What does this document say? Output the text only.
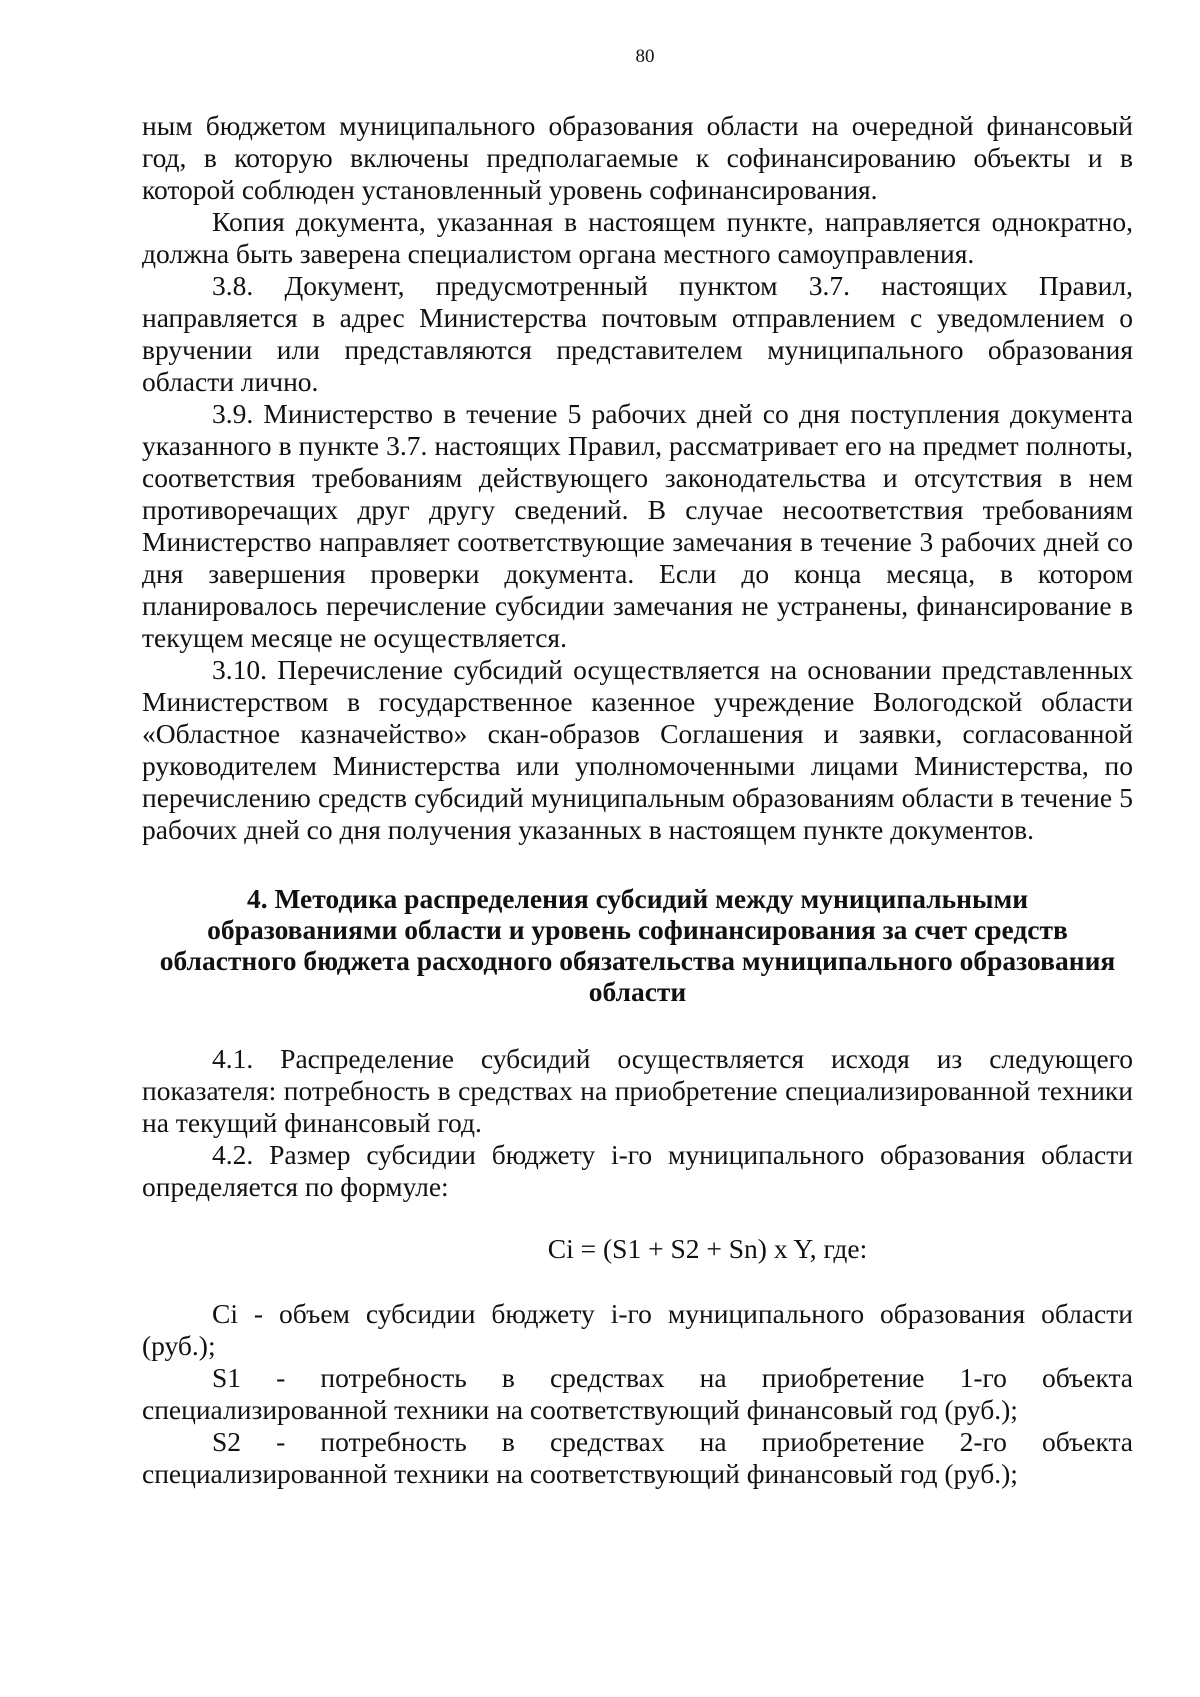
80

ным бюджетом муниципального образования области на очередной финансовый год, в которую включены предполагаемые к софинансированию объекты и в которой соблюден установленный уровень софинансирования.

Копия документа, указанная в настоящем пункте, направляется однократно, должна быть заверена специалистом органа местного самоуправления.

3.8. Документ, предусмотренный пунктом 3.7. настоящих Правил, направляется в адрес Министерства почтовым отправлением с уведомлением о вручении или представляются представителем муниципального образования области лично.

3.9. Министерство в течение 5 рабочих дней со дня поступления документа указанного в пункте 3.7. настоящих Правил, рассматривает его на предмет полноты, соответствия требованиям действующего законодательства и отсутствия в нем противоречащих друг другу сведений. В случае несоответствия требованиям Министерство направляет соответствующие замечания в течение 3 рабочих дней со дня завершения проверки документа. Если до конца месяца, в котором планировалось перечисление субсидии замечания не устранены, финансирование в текущем месяце не осуществляется.

3.10. Перечисление субсидий осуществляется на основании представленных Министерством в государственное казенное учреждение Вологодской области «Областное казначейство» скан-образов Соглашения и заявки, согласованной руководителем Министерства или уполномоченными лицами Министерства, по перечислению средств субсидий муниципальным образованиям области в течение 5 рабочих дней со дня получения указанных в настоящем пункте документов.

4. Методика распределения субсидий между муниципальными образованиями области и уровень софинансирования за счет средств областного бюджета расходного обязательства муниципального образования области

4.1. Распределение субсидий осуществляется исходя из следующего показателя: потребность в средствах на приобретение специализированной техники на текущий финансовый год.

4.2. Размер субсидии бюджету i-го муниципального образования области определяется по формуле:

Ci = (S1 + S2 + Sn) x Y, где:

Ci - объем субсидии бюджету i-го муниципального образования области (руб.);

S1 - потребность в средствах на приобретение 1-го объекта специализированной техники на соответствующий финансовый год (руб.);

S2 - потребность в средствах на приобретение 2-го объекта специализированной техники на соответствующий финансовый год (руб.);
